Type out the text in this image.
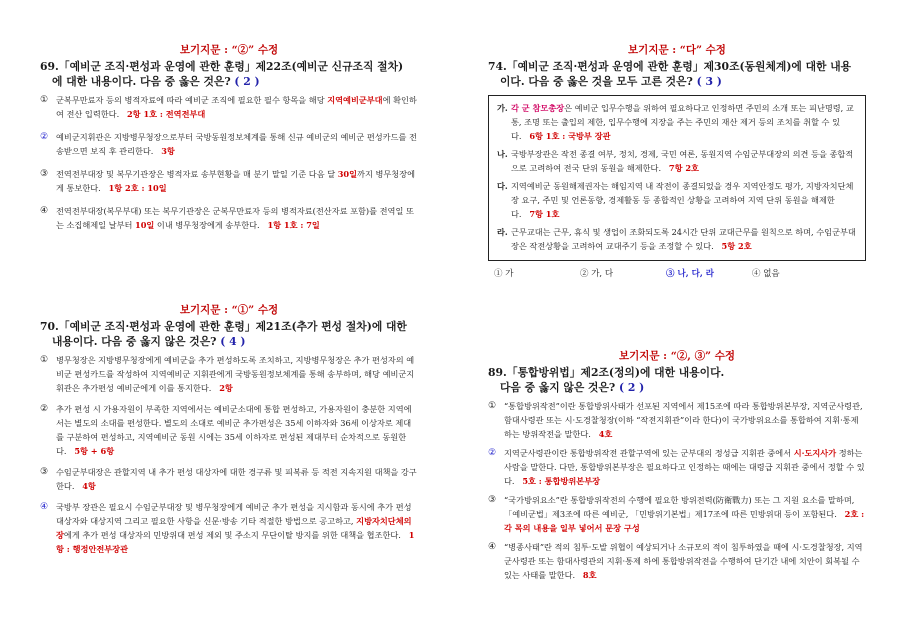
보기지문 : “②” 수정
69.「예비군 조직·편성과 운영에 관한 훈령」제22조(예비군 신규조직 절차)
에 대한 내용이다. 다음 중 옳은 것은? ( 2 )
① 군복무만료자 등의 병적자료에 따라 예비군 조직에 필요한 필수 항목을 해당 지역예비군부대에 확인하여 전산 입력한다. 2항 1호 : 전역전부대
② 예비군지휘관은 지방병무청장으로부터 국방동원정보체계를 통해 신규 예비군의 예비군 편성카드를 전송받으면 보직 후 관리한다. 3항
③ 전역전부대장 및 복무기관장은 병적자료 송부현황을 매 분기 말일 기준 다음 달 30일까지 병무청장에게 통보한다. 1항 2호 : 10일
④ 전역전부대장(복무부대) 또는 복무기관장은 군복무만료자 등의 병적자료(전산자료 포함)를 전역일 또는 소집해제일 날부터 10일 이내 병무청장에게 송부한다. 1항 1호 : 7일
보기지문 : “①” 수정
70.「예비군 조직·편성과 운영에 관한 훈령」제21조(추가 편성 절차)에 대한
내용이다. 다음 중 옳지 않은 것은? ( 4 )
① 병무청장은 지방병무청장에게 예비군을 추가 편성하도록 조치하고, 지방병무청장은 추가 편성자의 예비군 편성카드를 작성하여 지역예비군 지휘관에게 국방동원정보체계를 통해 송부하며, 해당 예비군지휘관은 추가편성 예비군에게 이를 통지한다. 2항
② 추가 편성 시 가용자원이 부족한 지역에서는 예비군소대에 통합 편성하고, 가용자원이 충분한 지역에서는 별도의 소대를 편성한다. 별도의 소대로 예비군 추가편성은 35세 이하자와 36세 이상자로 제대를 구분하여 편성하고, 지역예비군 동원 시에는 35세 이하자로 편성된 제대부터 순차적으로 동원한다. 5항 + 6항
③ 수임군부대장은 관할지역 내 추가 편성 대상자에 대한 경구류 및 피복류 등 적전 지속지원 대책을 강구한다. 4항
④ 국방부 장관은 필요시 수임군부대장 및 병무청장에게 예비군 추가 편성을 지시함과 동시에 추가 편성 대상자와 대상지역 그리고 필요한 사항을 신문·방송 기타 적절한 방법으로 공고하고, 지방자치단체의 장에게 추가 편성 대상자의 민방위대 편성 제외 및 주소지 무단이탈 방지를 위한 대책을 협조한다. 1항 : 행정안전부장관
보기지문 : “다” 수정
74.「예비군 조직·편성과 운영에 관한 훈령」제30조(동원체계)에 대한 내용
이다. 다음 중 옳은 것을 모두 고른 것은? ( 3 )
가. 각 군 참모총장은 예비군 입무수행을 위하여 필요하다고 인정하면 주민의 소개 또는 피난명령, 교통, 조명 또는 출입의 제한, 입무수행에 지장을 주는 주민의 재산 제거 등의 조치를 취할 수 있다. 6항 1호 : 국방부 장관
나. 국방부장관은 작전 종결 여부, 정치, 경제, 국민 여론, 동원지역 수임군부대장의 의견 등을 종합적으로 고려하여 전국 단위 동원을 해제한다. 7항 2호
다. 지역예비군 동원해제권자는 해임지역 내 작전이 종결되었을 경우 지역안정도 평가, 지방자치단체장 요구, 주민 및 언론동향, 경제활동 등 종합적인 상황을 고려하여 지역 단위 동원을 해제한다. 7항 1호
라. 근무교대는 근무, 휴식 및 생업이 조화되도록 24시간 단위 교대근무를 원칙으로 하며, 수임군부대장은 작전상황을 고려하여 교대주기 등을 조정할 수 있다. 5항 2호
① 가	② 가, 다	③ 나, 다, 라	④ 없음
보기지문 : “②, ③” 수정
89.「통합방위법」제2조(정의)에 대한 내용이다.
다음 중 옳지 않은 것은? ( 2 )
① “통합방위작전”이란 통합방위사태가 선포된 지역에서 제15조에 따라 통합방위본부장, 지역군사령관, 함대사령관 또는 시·도경찰청장(이하 “작전지휘관”이라 한다)이 국가방위요소를 통합하여 지휘·통제하는 방위작전을 말한다. 4호
② 지역군사령관이란 통합방위작전 관할구역에 있는 군부대의 정성급 지휘관 중에서 시·도지사가 정하는 사람을 말한다. 다만, 통합방위본부장은 필요하다고 인정하는 때에는 대령급 지휘관 중에서 정할 수 있다. 5호 : 통합방위본부장
③ “국가방위요소”란 통합방위작전의 수행에 필요한 방위전력(防衛戰力) 또는 그 지원 요소를 말하며, 「예비군법」제3조에 따른 예비군, 「민방위기본법」제17조에 따른 민방위대 등이 포함된다. 2호 : 각 목의 내용을 일부 넣어서 문장 구성
④ “병종사태”란 적의 침투·도발 위협이 예상되거나 소규모의 적이 침투하였을 때에 시·도경찰청장, 지역군사령관 또는 함대사령관의 지휘·통제 하에 통합방위작전을 수행하여 단기간 내에 치안이 회복될 수 있는 사태를 말한다. 8호
